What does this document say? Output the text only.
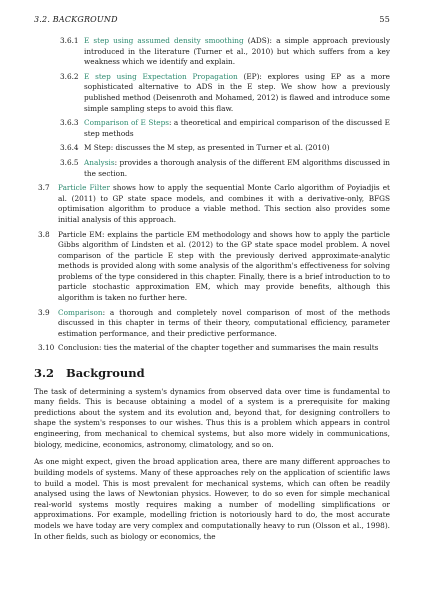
3.2. BACKGROUND	55
3.6.1 E step using assumed density smoothing (ADS): a simple approach previously introduced in the literature (Turner et al., 2010) but which suffers from a key weakness which we identify and explain.
3.6.2 E step using Expectation Propagation (EP): explores using EP as a more sophisticated alternative to ADS in the E step. We show how a previously published method (Deisenroth and Mohamed, 2012) is flawed and introduce some simple sampling steps to avoid this flaw.
3.6.3 Comparison of E Steps: a theoretical and empirical comparison of the discussed E step methods
3.6.4 M Step: discusses the M step, as presented in Turner et al. (2010)
3.6.5 Analysis: provides a thorough analysis of the different EM algorithms discussed in the section.
3.7 Particle Filter shows how to apply the sequential Monte Carlo algorithm of Poyiadjis et al. (2011) to GP state space models, and combines it with a derivative-only, BFGS optimisation algorithm to produce a viable method. This section also provides some initial analysis of this approach.
3.8 Particle EM: explains the particle EM methodology and shows how to apply the particle Gibbs algorithm of Lindsten et al. (2012) to the GP state space model problem. A novel comparison of the particle E step with the previously derived approximate-analytic methods is provided along with some analysis of the algorithm's effectiveness for solving problems of the type considered in this chapter. Finally, there is a brief introduction to to particle stochastic approximation EM, which may provide benefits, although this algorithm is taken no further here.
3.9 Comparison: a thorough and completely novel comparison of most of the methods discussed in this chapter in terms of their theory, computational efficiency, parameter estimation performance, and their predictive performance.
3.10 Conclusion: ties the material of the chapter together and summarises the main results
3.2 Background

The task of determining a system's dynamics from observed data over time is fundamental to many fields. This is because obtaining a model of a system is a prerequisite for making predictions about the system and its evolution and, beyond that, for designing controllers to shape the system's responses to our wishes. Thus this is a problem which appears in control engineering, from mechanical to chemical systems, but also more widely in communications, biology, medicine, economics, astronomy, climatology, and so on.

As one might expect, given the broad application area, there are many different approaches to building models of systems. Many of these approaches rely on the application of scientific laws to build a model. This is most prevalent for mechanical systems, which can often be readily analysed using the laws of Newtonian physics. However, to do so even for simple mechanical real-world systems mostly requires making a number of modelling simplifications or approximations. For example, modelling friction is notoriously hard to do, the most accurate models we have today are very complex and computationally heavy to run (Olsson et al., 1998). In other fields, such as biology or economics, the
